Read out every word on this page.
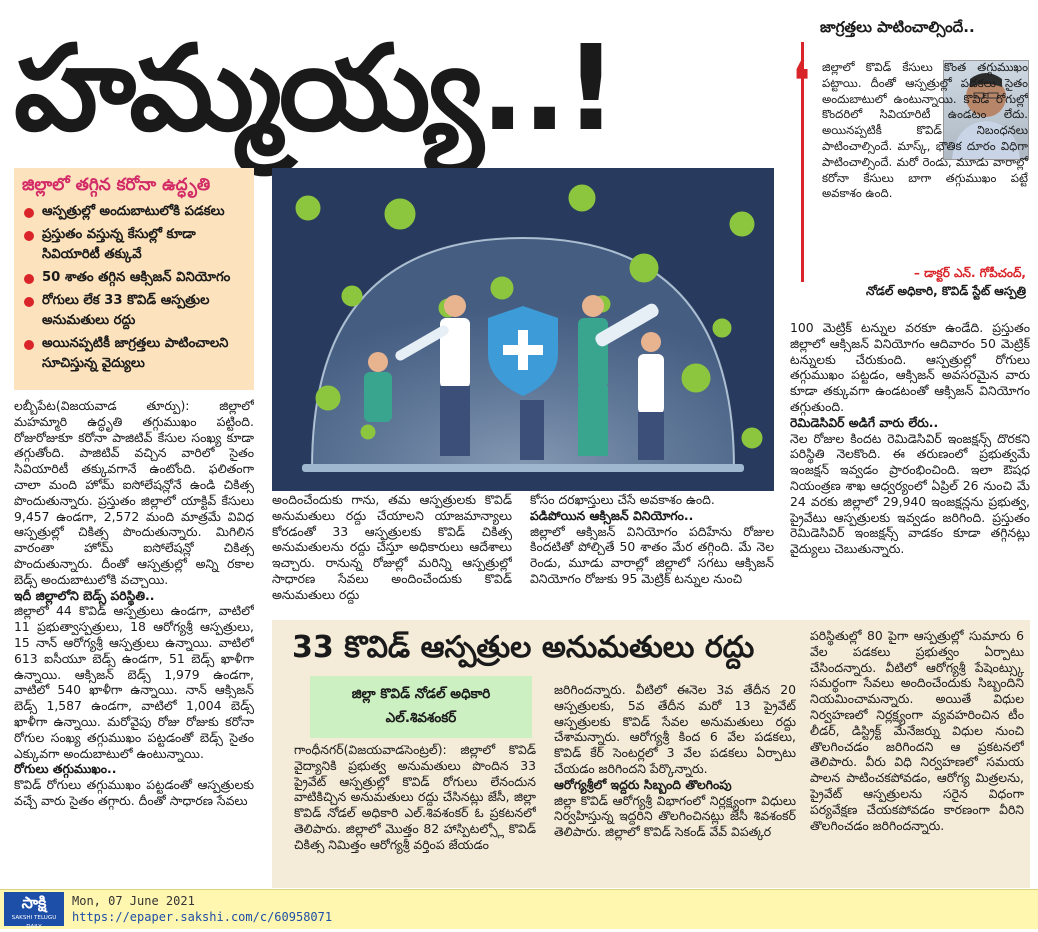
హమ్మయ్య..!
జిల్లాలో తగ్గిన కరోనా ఉద్ధృతి
ఆస్పత్రుల్లో అందుబాటులోకి పడకలు
ప్రస్తుతం వస్తున్న కేసుల్లో కూడా సివియారిటీ తక్కువే
50 శాతం తగ్గిన ఆక్సిజన్ వినియోగం
రోగులు లేక 33 కొవిడ్ ఆస్పత్రుల అనుమతులు రద్దు
అయినప్పటికీ జాగ్రత్తలు పాటించాలని సూచిస్తున్న వైద్యులు
జాగ్రత్తలు పాటించాల్సిందే..
❛ జిల్లాలో కొవిడ్ కేసులు కొంత తగ్గుముఖం పట్టాయి. దీంతో ఆస్పత్రుల్లో పడకలు సైతం అందుబాటులో ఉంటున్నాయి. కొవిడ్ రోగుల్లో కొందరిలో సివియారిటీ ఉండటం లేదు. అయినప్పటికీ కొవిడ్ నిబంధనలు పాటించాల్సిందే. మాస్క్, భౌతిక దూరం విధిగా పాటించాల్సిందే. మరో రెండు, మూడు వారాల్లో కరోనా కేసులు బాగా తగ్గుముఖం పట్టే అవకాశం ఉంది.
– డాక్టర్ ఎన్. గోపీచంద్,
నోడల్ అధికారి, కొవిడ్ స్టేట్ ఆస్పత్రి

లబ్బీపేట(విజయవాడ తూర్పు): జిల్లాలో మహమ్మారి ఉద్ధృతి తగ్గుముఖం పట్టింది. రోజురోజుకూ కరోనా పాజిటివ్ కేసుల సంఖ్య కూడా తగ్గుతోంది. పాజిటివ్ వచ్చిన వారిలో సైతం సివియారిటీ తక్కువగానే ఉంటోంది. ఫలితంగా చాలా మంది హోమ్ ఐసోలేషన్లోనే ఉండి చికిత్స పొందుతున్నారు. ప్రస్తుతం జిల్లాలో యాక్టివ్ కేసులు 9,457 ఉండగా, 2,572 మంది మాత్రమే వివిధ ఆస్పత్రుల్లో చికిత్స పొందుతున్నారు. మిగిలిన వారంతా హోమ్ ఐసోలేషన్లో చికిత్స పొందుతున్నారు. దీంతో ఆస్పత్రుల్లో అన్ని రకాల బెడ్స్ అందుబాటులోకి వచ్చాయి.

ఇదీ జిల్లాలోని బెడ్స్ పరిస్థితి..

జిల్లాలో 44 కొవిడ్ ఆస్పత్రులు ఉండగా, వాటిలో 11 ప్రభుత్వాస్పత్రులు, 18 ఆరోగ్యశ్రీ ఆస్పత్రులు, 15 నాన్ ఆరోగ్యశ్రీ ఆస్పత్రులు ఉన్నాయి. వాటిలో 613 ఐసీయూ బెడ్స్ ఉండగా, 51 బెడ్స్ ఖాళీగా ఉన్నాయి. ఆక్సిజన్ బెడ్స్ 1,979 ఉండగా, వాటిలో 540 ఖాళీగా ఉన్నాయి. నాన్ ఆక్సిజన్ బెడ్స్ 1,587 ఉండగా, వాటిలో 1,004 బెడ్స్ ఖాళీగా ఉన్నాయి. మరోవైపు రోజు రోజుకు కరోనా రోగుల సంఖ్య తగ్గుముఖం పట్టడంతో బెడ్స్ సైతం ఎక్కువగా అందుబాటులో ఉంటున్నాయి.

రోగులు తగ్గుముఖం..

కొవిడ్ రోగులు తగ్గుముఖం పట్టడంతో ఆస్పత్రులకు వచ్చే వారు సైతం తగ్గారు. దీంతో సాధారణ సేవలు

అందించేందుకు గాను, తమ ఆస్పత్రులకు కొవిడ్ అనుమతులు రద్దు చేయాలని యాజమాన్యాలు కోరడంతో 33 ఆస్పత్రులకు కొవిడ్ చికిత్స అనుమతులను రద్దు చేస్తూ అధికారులు ఆదేశాలు ఇచ్చారు. రానున్న రోజుల్లో మరిన్ని ఆస్పత్రుల్లో సాధారణ సేవలు అందించేందుకు కొవిడ్ అనుమతులు రద్దు

కోసం దరఖాస్తులు చేసే అవకాశం ఉంది.

పడిపోయిన ఆక్సిజన్ వినియోగం..

జిల్లాలో ఆక్సిజన్ వినియోగం పదిహేను రోజుల కిందటితో పోల్చితే 50 శాతం మేర తగ్గింది. మే నెల రెండు, మూడు వారాల్లో జిల్లాలో సగటు ఆక్సిజన్ వినియోగం రోజుకు 95 మెట్రిక్ టన్నుల నుంచి

100 మెట్రిక్ టన్నుల వరకూ ఉండేది. ప్రస్తుతం జిల్లాలో ఆక్సిజన్ వినియోగం ఆదివారం 50 మెట్రిక్ టన్నులకు చేరుకుంది. ఆస్పత్రుల్లో రోగులు తగ్గుముఖం పట్టడం, ఆక్సిజన్ అవసరమైన వారు కూడా తక్కువగా ఉండటంతో ఆక్సిజన్ వినియోగం తగ్గుతుంది.

రెమిడెసివిర్ అడిగే వారు లేరు..

నెల రోజుల కిందట రెమిడెసివిర్ ఇంజక్షన్స్ దొరకని పరిస్థితి నెలకొంది. ఈ తరుణంలో ప్రభుత్వమే ఇంజక్షన్ ఇవ్వడం ప్రారంభించింది. ఇలా ఔషధ నియంత్రణ శాఖ ఆధ్వర్యంలో ఏప్రిల్ 26 నుంచి మే 24 వరకు జిల్లాలో 29,940 ఇంజక్షన్లను ప్రభుత్వ, ప్రైవేటు ఆస్పత్రులకు ఇవ్వడం జరిగింది. ప్రస్తుతం రెమిడెసివిర్ ఇంజక్షన్స్ వాడకం కూడా తగ్గినట్లు వైద్యులు చెబుతున్నారు.

33 కొవిడ్ ఆస్పత్రుల అనుమతులు రద్దు
జిల్లా కొవిడ్ నోడల్ అధికారి
ఎల్.శివశంకర్

గాంధీనగర్(విజయవాడసెంట్రల్): జిల్లాలో కొవిడ్ వైద్యానికి ప్రభుత్వ అనుమతులు పొందిన 33 ప్రైవేట్ ఆస్పత్రుల్లో కొవిడ్ రోగులు లేనందున వాటికిచ్చిన అనుమతులు రద్దు చేసినట్లు జేసీ, జిల్లా కొవిడ్ నోడల్ అధికారి ఎల్.శివశంకర్ ఓ ప్రకటనలో తెలిపారు. జిల్లాలో మొత్తం 82 హాస్పిటల్స్లో కొవిడ్ చికిత్స నిమిత్తం ఆరోగ్యశ్రీ వర్తింప జేయడం

జరిగిందన్నారు. వీటిలో ఈనెల 3వ తేదీన 20 ఆస్పత్రులకు, 5వ తేదీన మరో 13 ప్రైవేట్ ఆస్పత్రులకు కొవిడ్ సేవల అనుమతులు రద్దు చేశామన్నారు. ఆరోగ్యశ్రీ కింద 6 వేల పడకలు, కొవిడ్ కేర్ సెంటర్లలో 3 వేల పడకలు ఏర్పాటు చేయడం జరిగిందని పేర్కొన్నారు.

ఆరోగ్యశ్రీలో ఇద్దరు సిబ్బంది తొలగింపు

జిల్లా కొవిడ్ ఆరోగ్యశ్రీ విభాగంలో నిర్లక్ష్యంగా విధులు నిర్వహిస్తున్న ఇద్దరిని తొలగించినట్లు జేసీ శివశంకర్ తెలిపారు. జిల్లాలో కొవిడ్ సెకండ్ వేవ్ విపత్కర

పరిస్థితుల్లో 80 పైగా ఆస్పత్రుల్లో సుమారు 6 వేల పడకలు ప్రభుత్వం ఏర్పాటు చేసిందన్నారు. వీటిలో ఆరోగ్యశ్రీ పేషెంట్స్కు సమర్థంగా సేవలు అందించేందుకు సిబ్బందిని నియమించామన్నారు. అయితే విధుల నిర్వహణలో నిర్లక్ష్యంగా వ్యవహరించిన టీం లీడర్, డిస్ట్రిక్ట్ మేనేజర్ను విధుల నుంచి తొలగించడం జరిగిందని ఆ ప్రకటనలో తెలిపారు. వీరు విధి నిర్వహణలో సమయ పాలన పాటించకపోవడం, ఆరోగ్య మిత్రలను, ప్రైవేట్ ఆస్పత్రులను సరైన విధంగా పర్యవేక్షణ చేయకపోవడం కారణంగా వీరిని తొలగించడం జరిగిందన్నారు.

సాక్షి
SAKSHI TELUGU DAILY
Mon, 07 June 2021
https://epaper.sakshi.com/c/60958071
